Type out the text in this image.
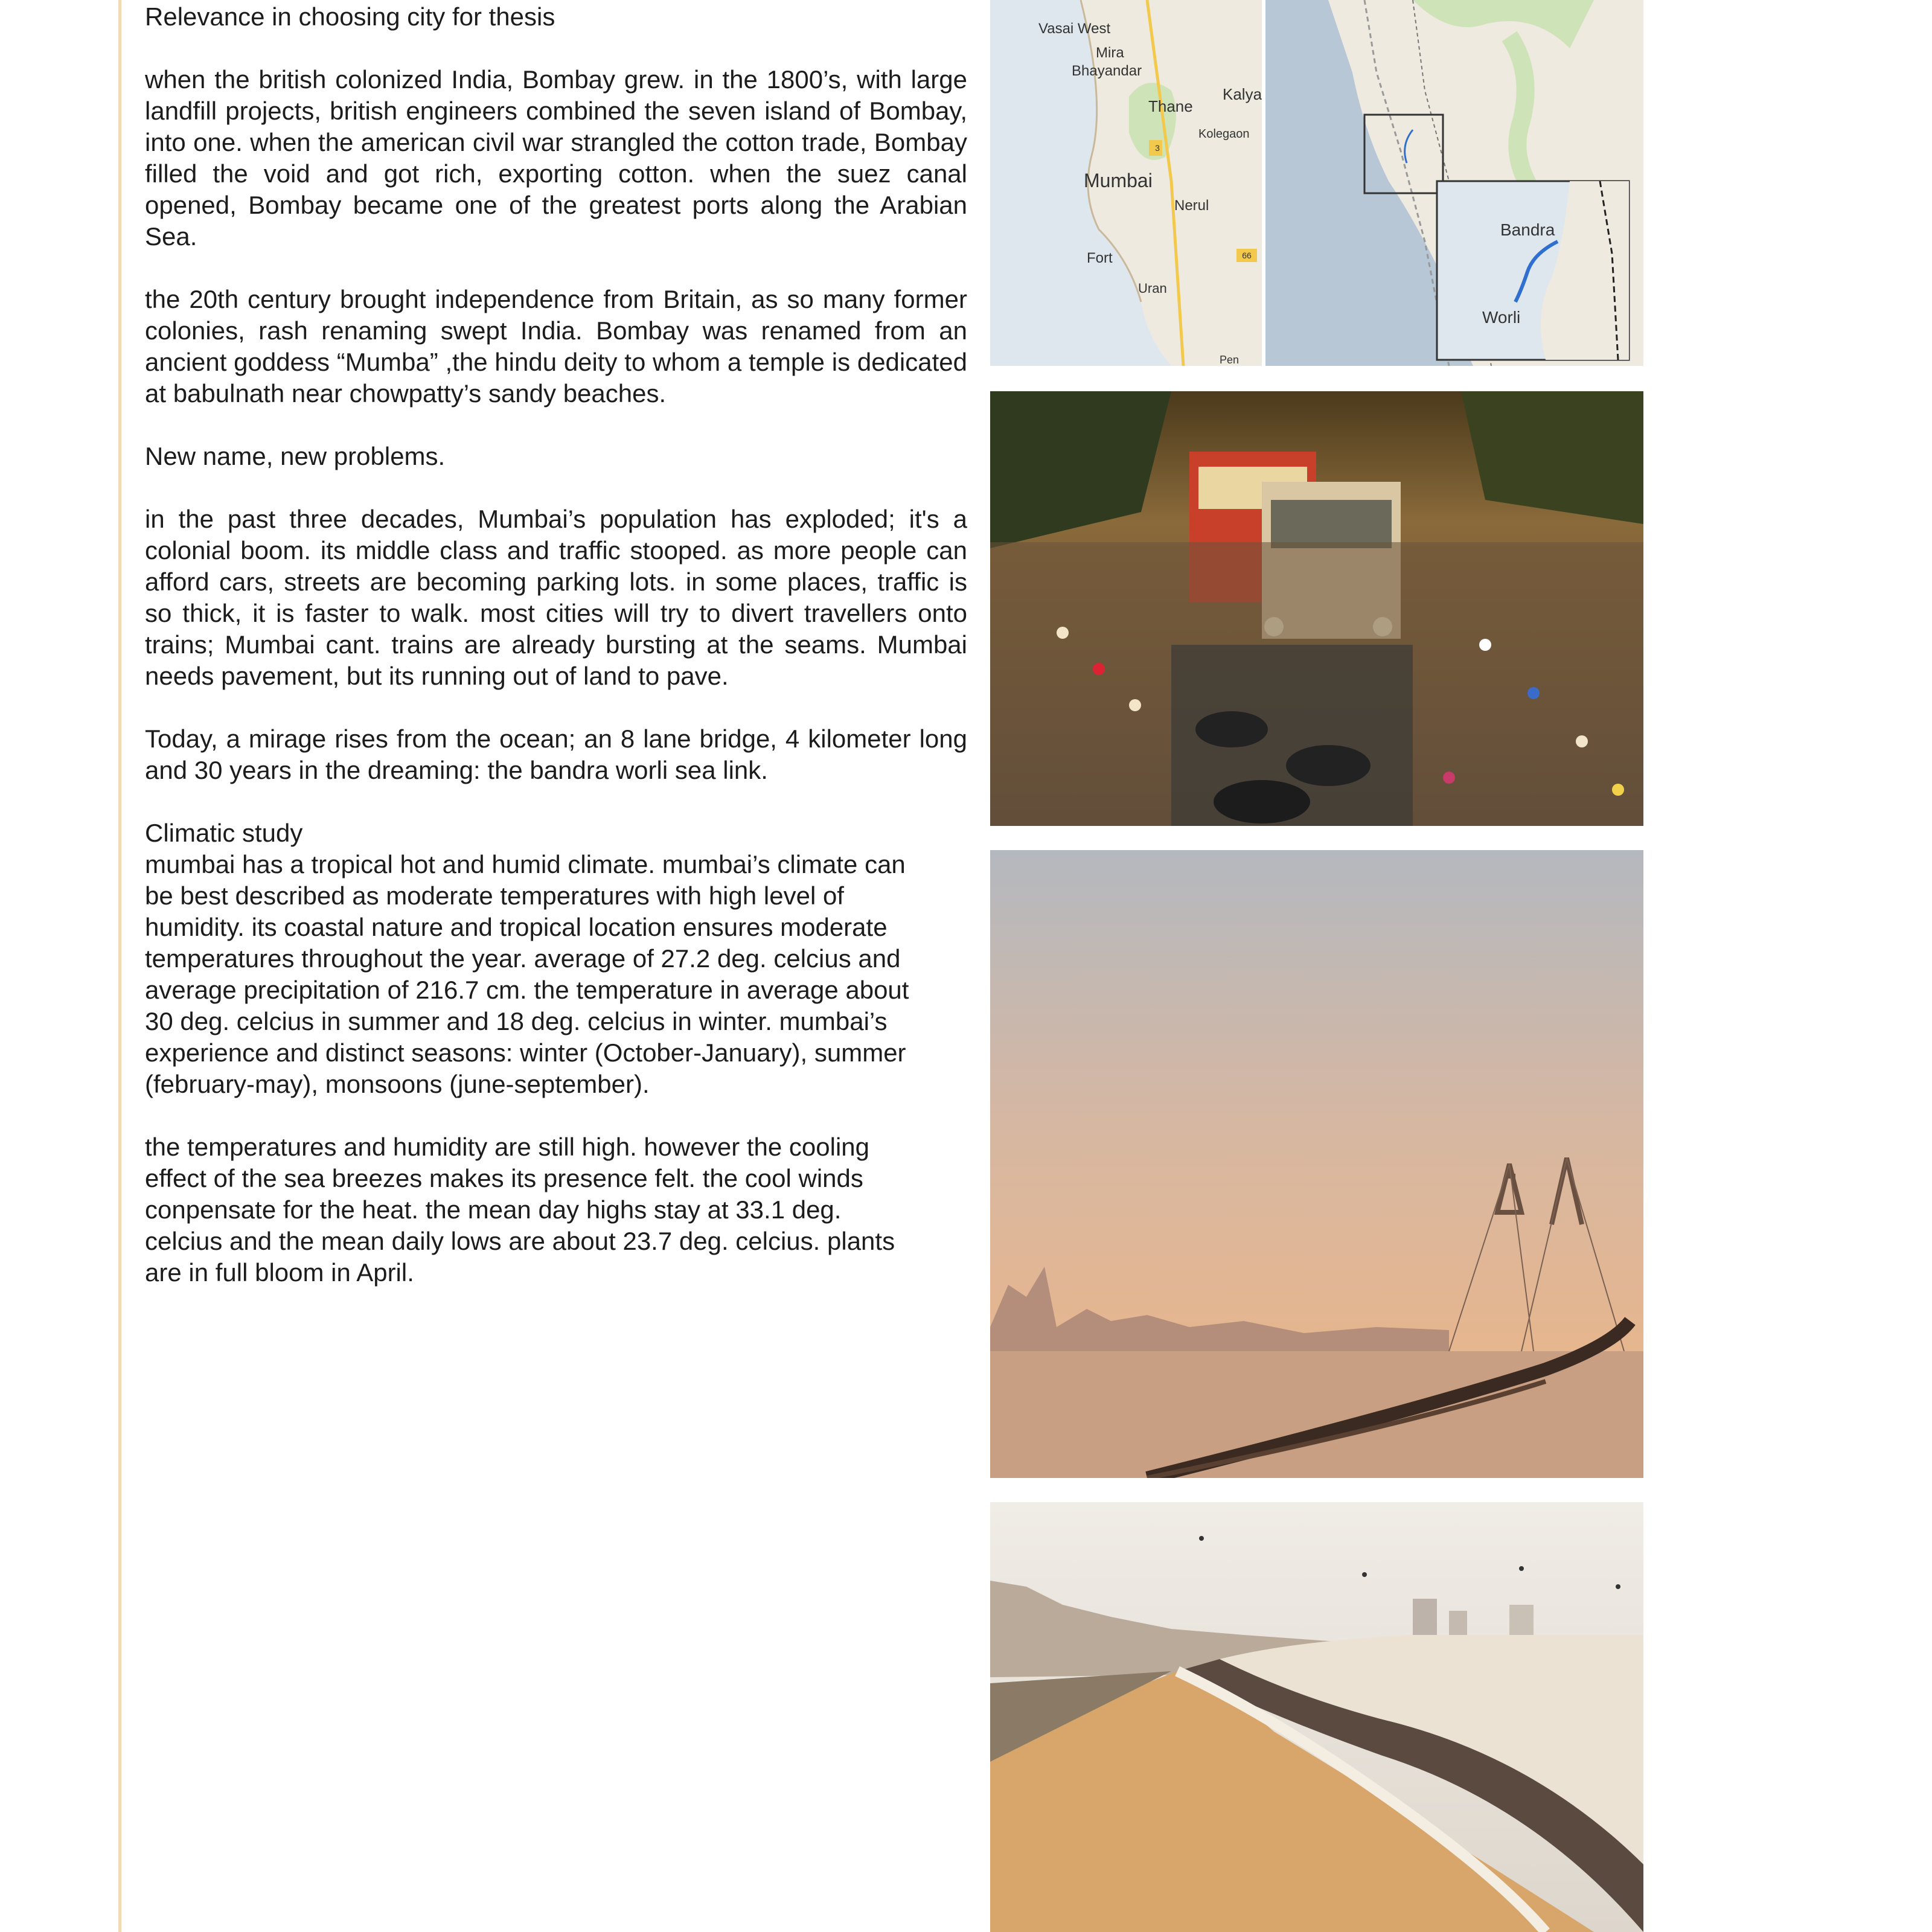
Relevance in choosing city for thesis

when the british colonized India, Bombay grew. in the 1800’s, with large landfill projects, british engineers combined the seven island of Bombay, into one. when the american civil war strangled the cotton trade, Bombay filled the void and got rich, exporting cotton. when the suez canal opened, Bombay became one of the greatest ports along the Arabian Sea.

the 20th century brought independence from Britain, as so many former colonies, rash renaming swept India. Bombay was renamed from an ancient goddess “Mumba” ,the hindu deity to whom a temple is dedicated at babulnath near chowpatty’s sandy beaches.

New name, new problems.

in the past three decades, Mumbai’s population has exploded; it's a colonial boom. its middle class and traffic stooped. as more people can afford cars, streets are becoming parking lots. in some places, traffic is so thick, it is faster to walk. most cities will try to divert travellers onto trains; Mumbai cant. trains are already bursting at the seams. Mumbai needs pavement, but its running out of land to pave.

Today, a mirage rises from the ocean; an 8 lane bridge, 4 kilometer long and 30 years in the dreaming: the bandra worli sea link.

Climatic study

mumbai has a tropical hot and humid climate. mumbai’s climate can

be best described as moderate temperatures with high level of

humidity. its coastal nature and tropical location ensures moderate

temperatures throughout the year. average of 27.2 deg. celcius and

average precipitation of 216.7 cm. the temperature in average about

30 deg. celcius in summer and 18 deg. celcius in winter. mumbai’s

experience and distinct seasons: winter (October-January), summer

(february-may), monsoons (june-september).

the temperatures and humidity are still high. however the cooling

effect of the sea breezes makes its presence felt. the cool winds

conpensate for the heat. the mean day highs stay at 33.1 deg.

celcius and the mean daily lows are about 23.7 deg. celcius. plants

are in full bloom in April.

3
66
Vasai West
Mira
Bhayandar
Kalya
Thane
Kolegaon
Mumbai
Nerul
Fort
Uran
Bandra
Worli
Pen
